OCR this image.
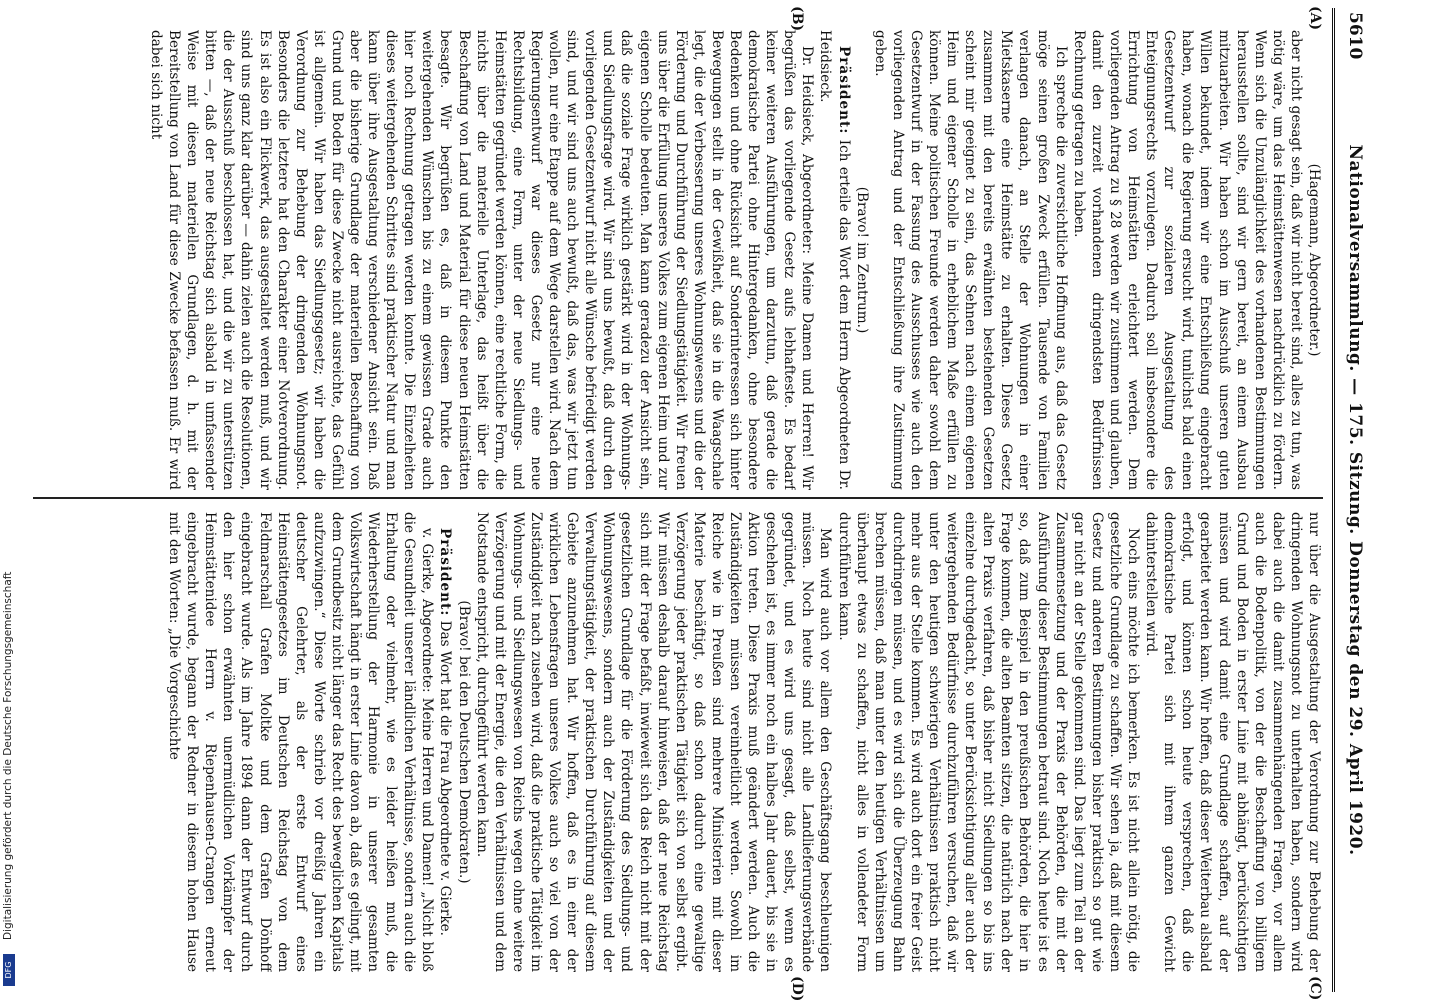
5610
Nationalversammlung. — 175. Sitzung. Donnerstag den 29. April 1920.
(A)
(B)
(C)
(D)

(Hagemann, Abgeordneter.)

aber nicht gesagt sein, daß wir nicht bereit sind, alles zu tun, was nötig wäre, um das Heimstättenwesen nachdrücklich zu fördern. Wenn sich die Unzulänglichkeit des vorhandenen Bestimmungen herausstellen sollte, sind wir gern bereit, an einem Ausbau mitzuarbeiten. Wir haben schon im Ausschuß unseren guten Willen bekundet, indem wir eine Entschließung eingebracht haben, wonach die Regierung ersucht wird, tunlichst bald einen Gesetzentwurf zur sozialeren Ausgestaltung des Enteignungsrechts vorzulegen. Dadurch soll insbesondere die Errichtung von Heimstätten erleichtert werden. Dem vorliegenden Antrag zu § 28 werden wir zustimmen und glauben, damit den zurzeit vorhandenen dringendsten Bedürfnissen Rechnung getragen zu haben.

Ich spreche die zuversichtliche Hoffnung aus, daß das Gesetz möge seinen großen Zweck erfüllen. Tausende von Familien verlangen danach, an Stelle der Wohnungen in einer Mietskaserne eine Heimstätte zu erhalten. Dieses Gesetz zusammen mit den bereits erwähnten bestehenden Gesetzen scheint mir geeignet zu sein, das Sehnen nach einem eigenen Heim und eigener Scholle in erheblichem Maße erfüllen zu können. Meine politischen Freunde werden daher sowohl dem Gesetzentwurf in der Fassung des Ausschusses wie auch den vorliegenden Antrag und der Entschließung ihre Zustimmung geben.

(Bravo! im Zentrum.)

Präsident: Ich erteile das Wort dem Herrn Abgeordneten Dr. Heidsieck.

Dr. Heidsieck, Abgeordneter: Meine Damen und Herren! Wir begrüßen das vorliegende Gesetz aufs lebhafteste. Es bedarf keiner weiteren Ausführungen, um darzutun, daß gerade die demokratische Partei ohne Hintergedanken, ohne besondere Bedenken und ohne Rücksicht auf Sonderinteressen sich hinter Bewegungen stellt in der Gewißheit, daß sie in die Waagschale legt, die der Verbesserung unseres Wohnungswesens und die der Förderung und Durchführung der Siedlungstätigkeit. Wir freuen uns über die Erfüllung unseres Volkes zum eigenen Heim und zur eigenen Scholle bedeuten. Man kann geradezu der Ansicht sein, daß die soziale Frage wirklich gestärkt wird in der Wohnungs- und Siedlungsfrage wird. Wir sind uns bewußt, daß durch den vorliegenden Gesetzentwurf nicht alle Wünsche befriedigt werden sind, und wir sind uns auch bewußt, daß das, was wir jetzt tun wollen, nur eine Etappe auf dem Wege darstellen wird. Nach dem Regierungsentwurf war dieses Gesetz nur eine neue Rechtsbildung, eine Form, unter der neue Siedlungs- und Heimstätten gegründet werden können, eine rechtliche Form, die nichts über die materielle Unterlage, das heißt über die Beschaffung von Land und Material für diese neuen Heimstätten besagte. Wir begrüßen es, daß in diesem Punkte den weitergehenden Wünschen bis zu einem gewissen Grade auch hier noch Rechnung getragen werden konnte. Die Einzelheiten dieses weitergehenden Schrittes sind praktischer Natur und man kann über ihre Ausgestaltung verschiedener Ansicht sein. Daß aber die bisherige Grundlage der materiellen Beschaffung von Grund und Boden für diese Zwecke nicht ausreichte, das Gefühl ist allgemein. Wir haben das Siedlungsgesetz; wir haben die Verordnung zur Behebung der dringenden Wohnungsnot. Besonders die letztere hat den Charakter einer Notverordnung. Es ist also ein Flickwerk, das ausgestaltet werden muß, und wir sind uns ganz klar darüber — dahin zielen auch die Resolutionen, die der Ausschuß beschlossen hat, und die wir zu unterstützen bitten —, daß der neue Reichstag sich alsbald in umfassender Weise mit diesen materiellen Grundlagen, d. h. mit der Bereitstellung von Land für diese Zwecke befassen muß. Er wird dabei sich nicht

nur über die Ausgestaltung der Verordnung zur Behebung der dringenden Wohnungsnot zu unterhalten haben, sondern wird dabei auch die damit zusammenhängenden Fragen, vor allem auch die Bodenpolitik, von der die Beschaffung von billigem Grund und Boden in erster Linie mit abhängt, berücksichtigen müssen und wird damit eine Grundlage schaffen, auf der gearbeitet werden kann. Wir hoffen, daß dieser Weiterbau alsbald erfolgt, und können schon heute versprechen, daß die demokratische Partei sich mit ihrem ganzen Gewicht dahinterstellen wird.

Noch eins möchte ich bemerken. Es ist nicht allein nötig, die gesetzliche Grundlage zu schaffen. Wir sehen ja, daß mit diesem Gesetz und anderen Bestimmungen bisher praktisch so gut wie gar nicht an der Stelle gekommen sind. Das liegt zum Teil an der Zusammensetzung und der Praxis der Behörden, die mit der Ausführung dieser Bestimmungen betraut sind. Noch heute ist es so, daß zum Beispiel in den preußischen Behörden, die hier in Frage kommen, die alten Beamten sitzen, die natürlich nach der alten Praxis verfahren, daß bisher nicht Siedlungen so bis ins einzelne durchgedacht, so unter Berücksichtigung aller auch der weitergehenden Bedürfnisse durchzuführen versuchen, daß wir unter den heutigen schwierigen Verhältnissen praktisch nicht mehr aus der Stelle kommen. Es wird auch dort ein freier Geist durchdringen müssen, und es wird sich die Überzeugung Bahn brechen müssen, daß man unter den heutigen Verhältnissen um überhaupt etwas zu schaffen, nicht alles in vollendeter Form durchführen kann.

Man wird auch vor allem den Geschäftsgang beschleunigen müssen. Noch heute sind nicht alle Landlieferungsverbände gegründet, und es wird uns gesagt, daß selbst, wenn es geschehen ist, es immer noch ein halbes Jahr dauert, bis sie in Aktion treten. Diese Praxis muß geändert werden. Auch die Zuständigkeiten müssen vereinheitlicht werden. Sowohl im Reiche wie in Preußen sind mehrere Ministerien mit dieser Materie beschäftigt, so daß schon dadurch eine gewaltige Verzögerung jeder praktischen Tätigkeit sich von selbst ergibt. Wir müssen deshalb darauf hinweisen, daß der neue Reichstag sich mit der Frage befaßt, inwieweit sich das Reich nicht mit der gesetzlichen Grundlage für die Förderung des Siedlungs- und Wohnungswesens, sondern auch der Zuständigkeiten und der Verwaltungstätigkeit, der praktischen Durchführung auf diesem Gebiete anzunehmen hat. Wir hoffen, daß es in einer der wirklichen Lebensfragen unseres Volkes auch so viel von der Zuständigkeit nach zusehen wird, daß die praktische Tätigkeit im Wohnungs- und Siedlungswesen von Reichs wegen ohne weitere Verzögerung und mit der Energie, die den Verhältnissen und dem Notstande entspricht, durchgeführt werden kann.

(Bravo! bei den Deutschen Demokraten.)

Präsident: Das Wort hat die Frau Abgeordnete v. Gierke.

v. Gierke, Abgeordnete: Meine Herren und Damen! „Nicht bloß die Gesundheit unserer ländlichen Verhältnisse, sondern auch die Erhaltung oder vielmehr, wie es leider heißen muß, die Wiederherstellung der Harmonie in unserer gesamten Volkswirtschaft hängt in erster Linie davon ab, daß es gelingt, mit dem Grundbesitz nicht länger das Recht des beweglichen Kapitals aufzuzwingen.“ Diese Worte schrieb vor dreißig Jahren ein deutscher Gelehrter, als der erste Entwurf eines Heimstättengesetzes im Deutschen Reichstag von dem Feldmarschall Grafen Moltke und dem Grafen Dönhoff eingebracht wurde. Als im Jahre 1894 dann der Entwurf durch den hier schon erwähnten unermüdlichen Vorkämpfer der Heimstättenidee Herrn v. Riepenhausen-Crangen erneut eingebracht wurde, begann der Redner in diesem hohen Hause mit den Worten: „Die Vorgeschichte

Digitalisierung gefördert durch die Deutsche Forschungsgemeinschaft
DFG
